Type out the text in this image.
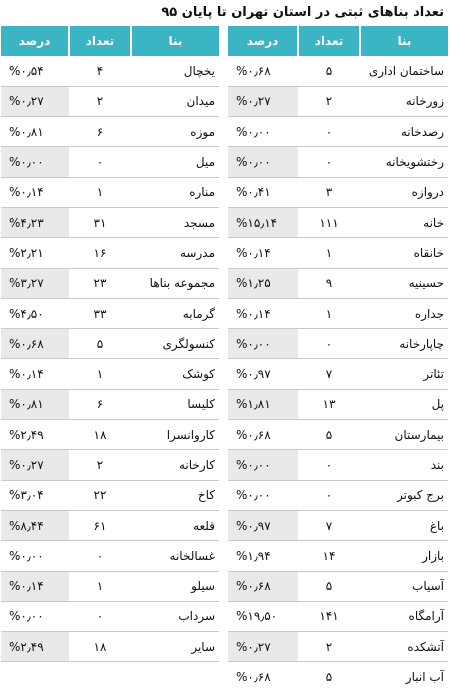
تعداد بناهای ثبتی در استان تهران تا پایان ۹۵
بنا	تعداد	درصد
ساختمان اداری	۵	%۰٫۶۸
زورخانه	۲	%۰٫۲۷
رصدخانه	۰	%۰٫۰۰
رختشویخانه	۰	%۰٫۰۰
دروازه	۳	%۰٫۴۱
خانه	۱۱۱	%۱۵٫۱۴
خانقاه	۱	%۰٫۱۴
حسینیه	۹	%۱٫۲۵
جداره	۱	%۰٫۱۴
چاپارخانه	۰	%۰٫۰۰
تئاتر	۷	%۰٫۹۷
پل	۱۳	%۱٫۸۱
بیمارستان	۵	%۰٫۶۸
بند	۰	%۰٫۰۰
برج کبوتر	۰	%۰٫۰۰
باغ	۷	%۰٫۹۷
بازار	۱۴	%۱٫۹۴
آسیاب	۵	%۰٫۶۸
آرامگاه	۱۴۱	%۱۹٫۵۰
آتشکده	۲	%۰٫۲۷
آب انبار	۵	%۰٫۶۸
بنا	تعداد	درصد
یخچال	۴	%۰٫۵۴
میدان	۲	%۰٫۲۷
موزه	۶	%۰٫۸۱
میل	۰	%۰٫۰۰
مناره	۱	%۰٫۱۴
مسجد	۳۱	%۴٫۲۳
مدرسه	۱۶	%۲٫۲۱
مجموعه بناها	۲۳	%۳٫۲۷
گرمابه	۳۳	%۴٫۵۰
کنسولگری	۵	%۰٫۶۸
کوشک	۱	%۰٫۱۴
کلیسا	۶	%۰٫۸۱
کاروانسرا	۱۸	%۲٫۴۹
کارخانه	۲	%۰٫۲۷
کاخ	۲۲	%۳٫۰۴
قلعه	۶۱	%۸٫۴۴
غسالخانه	۰	%۰٫۰۰
سیلو	۱	%۰٫۱۴
سرداب	۰	%۰٫۰۰
سایر	۱۸	%۲٫۴۹
